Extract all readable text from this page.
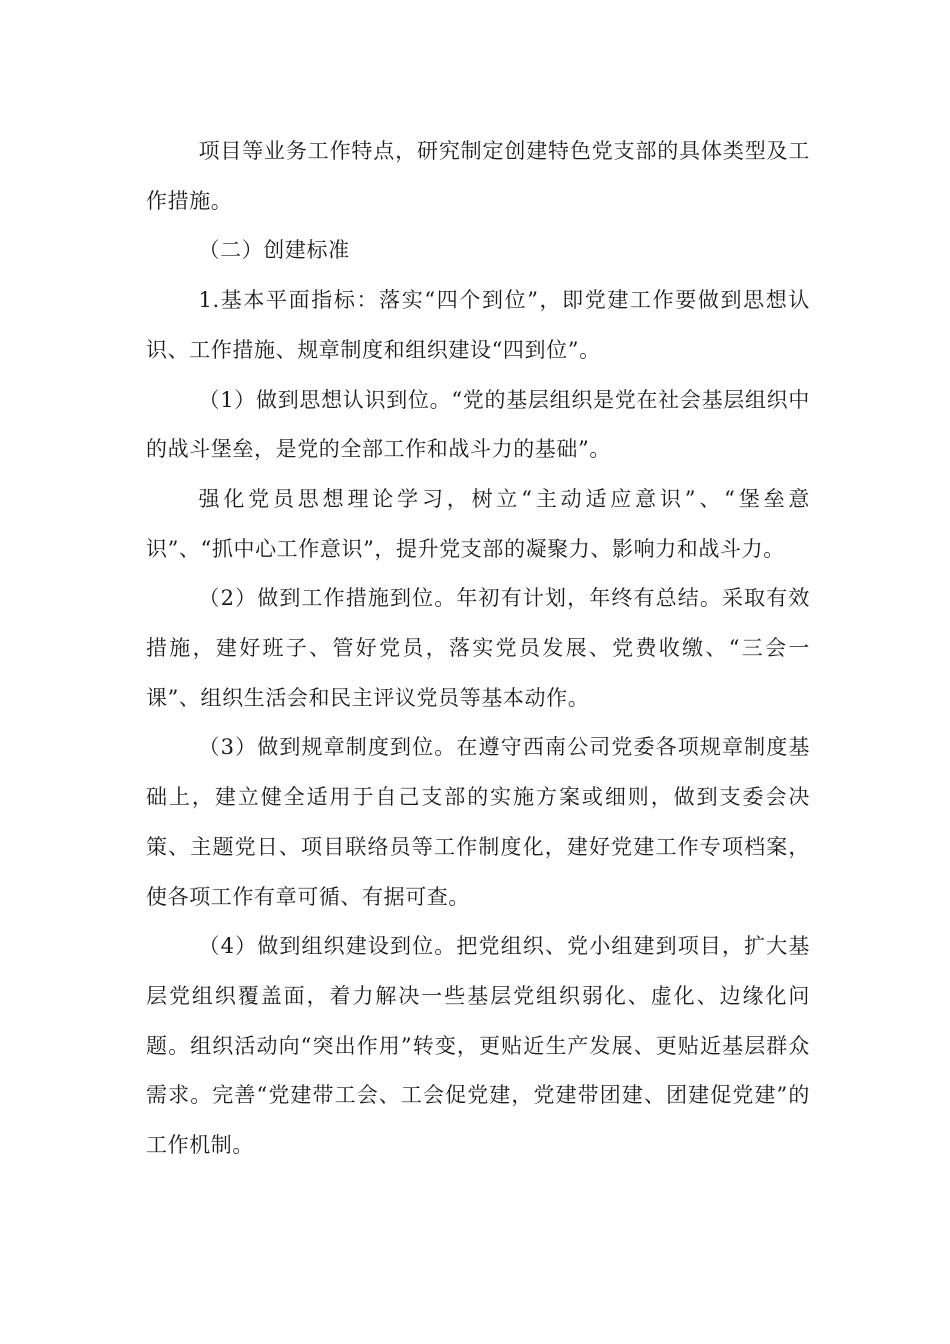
项目等业务工作特点，研究制定创建特色党支部的具体类型及工作措施。

（二）创建标准

1.基本平面指标：落实“四个到位”，即党建工作要做到思想认识、工作措施、规章制度和组织建设“四到位”。

（1）做到思想认识到位。“党的基层组织是党在社会基层组织中的战斗堡垒，是党的全部工作和战斗力的基础”。

强化党员思想理论学习，树立“主动适应意识”、“堡垒意识”、“抓中心工作意识”，提升党支部的凝聚力、影响力和战斗力。

（2）做到工作措施到位。年初有计划，年终有总结。采取有效措施，建好班子、管好党员，落实党员发展、党费收缴、“三会一课”、组织生活会和民主评议党员等基本动作。

（3）做到规章制度到位。在遵守西南公司党委各项规章制度基础上，建立健全适用于自己支部的实施方案或细则，做到支委会决策、主题党日、项目联络员等工作制度化，建好党建工作专项档案，使各项工作有章可循、有据可查。

（4）做到组织建设到位。把党组织、党小组建到项目，扩大基层党组织覆盖面，着力解决一些基层党组织弱化、虚化、边缘化问题。组织活动向“突出作用”转变，更贴近生产发展、更贴近基层群众需求。完善“党建带工会、工会促党建，党建带团建、团建促党建”的工作机制。
